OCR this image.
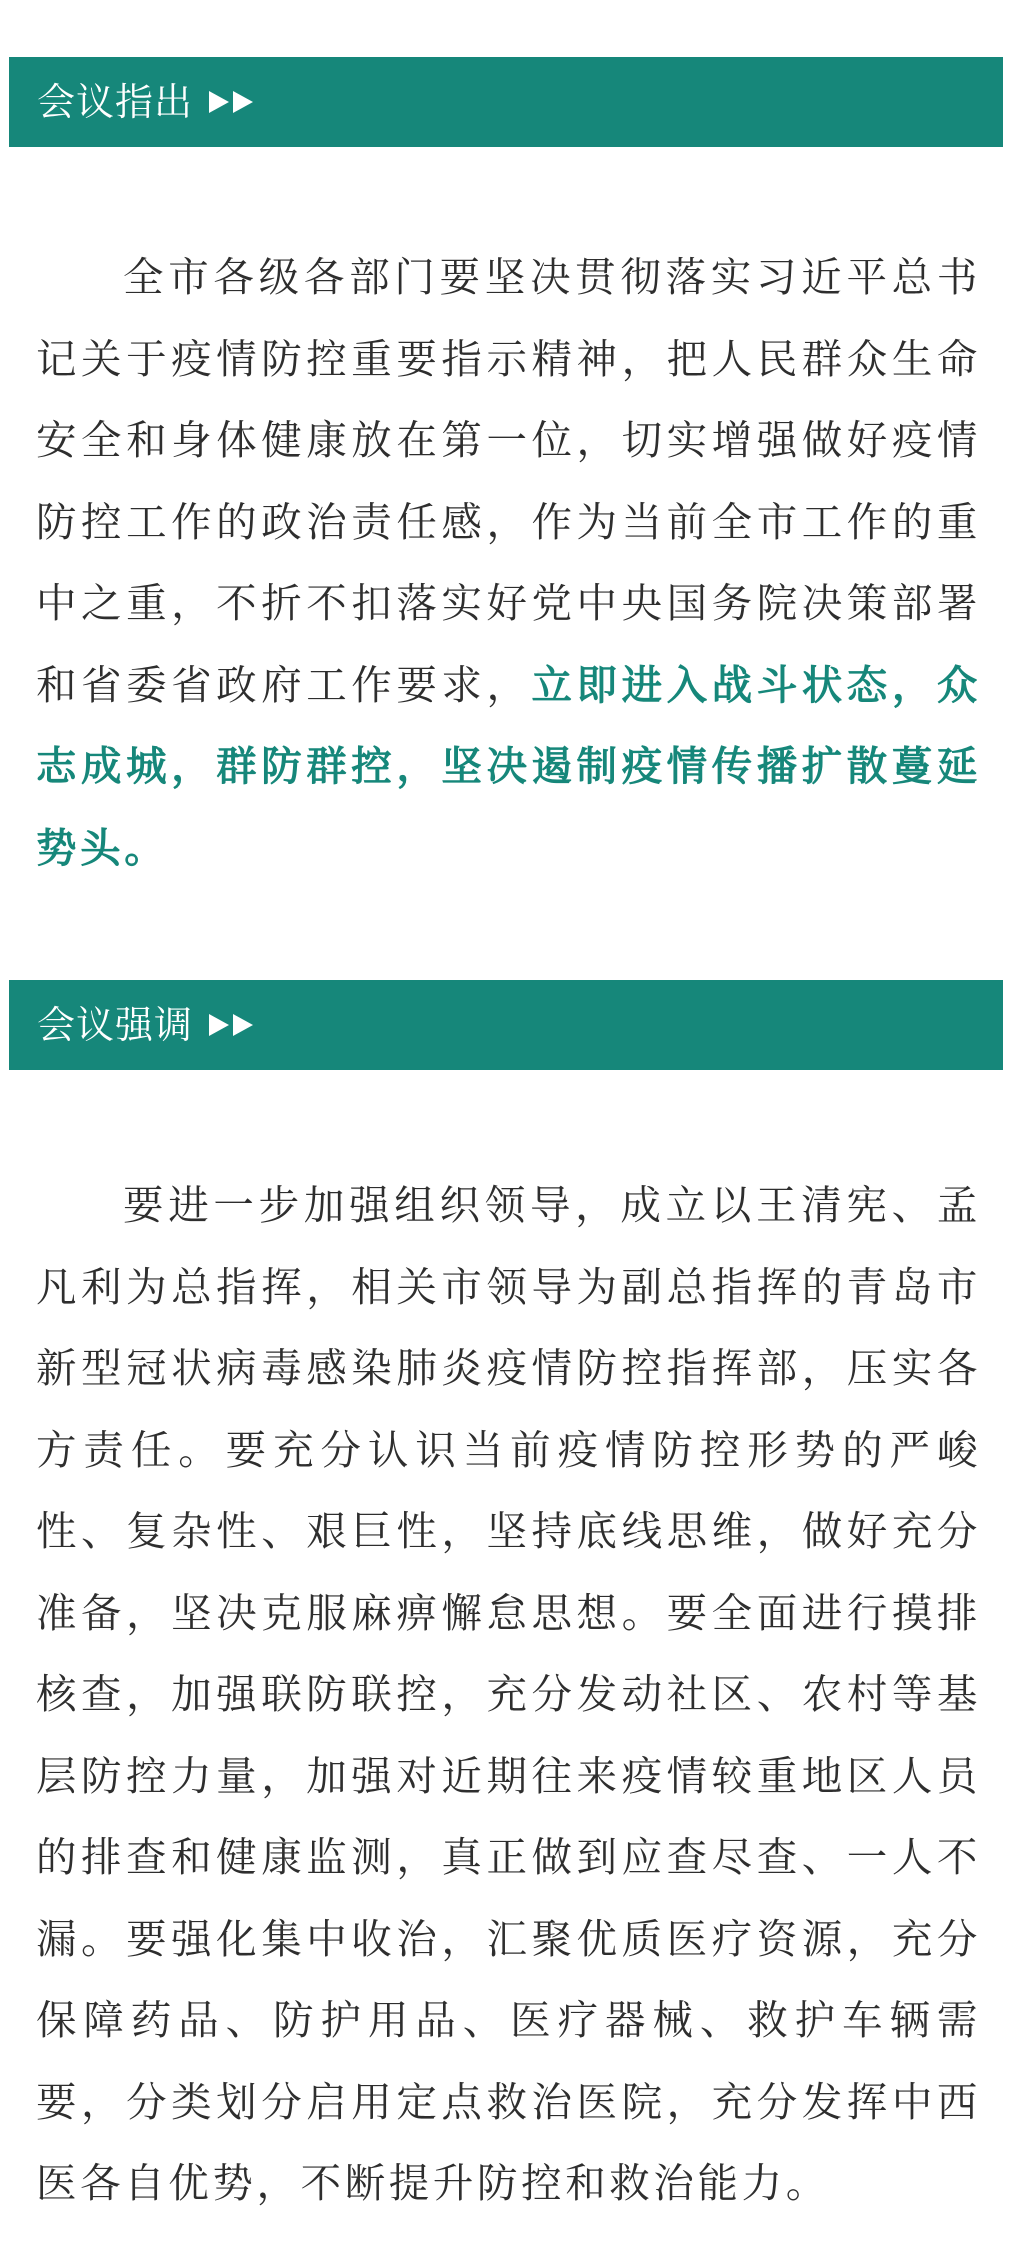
会议指出

全市各级各部门要坚决贯彻落实习近平总书记关于疫情防控重要指示精神，把人民群众生命安全和身体健康放在第一位，切实增强做好疫情防控工作的政治责任感，作为当前全市工作的重中之重，不折不扣落实好党中央国务院决策部署和省委省政府工作要求，立即进入战斗状态，众志成城，群防群控，坚决遏制疫情传播扩散蔓延势头。

会议强调

要进一步加强组织领导，成立以王清宪、孟凡利为总指挥，相关市领导为副总指挥的青岛市新型冠状病毒感染肺炎疫情防控指挥部，压实各方责任。要充分认识当前疫情防控形势的严峻性、复杂性、艰巨性，坚持底线思维，做好充分准备，坚决克服麻痹懈怠思想。要全面进行摸排核查，加强联防联控，充分发动社区、农村等基层防控力量，加强对近期往来疫情较重地区人员的排查和健康监测，真正做到应查尽查、一人不漏。要强化集中收治，汇聚优质医疗资源，充分保障药品、防护用品、医疗器械、救护车辆需要，分类划分启用定点救治医院，充分发挥中西医各自优势，不断提升防控和救治能力。
